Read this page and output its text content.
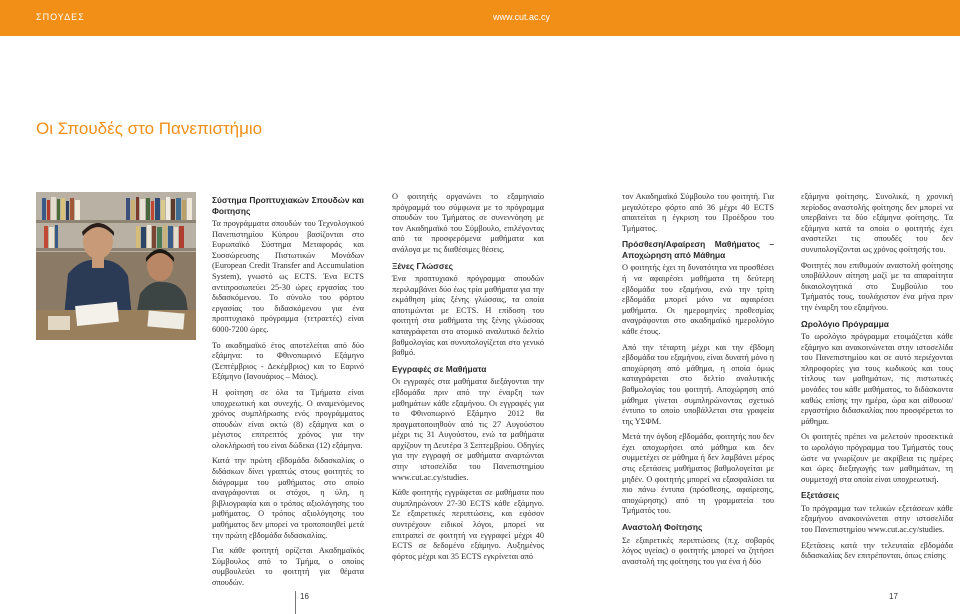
ΣΠΟΥΔΕΣ	www.cut.ac.cy
Οι Σπουδές στο Πανεπιστήμιο
Σύστημα Προπτυχιακών Σπουδών και Φοιτησης

Τα προγράμματα σπουδών του Τεχνολογικού Πανεπιστημίου Κύπρου βασίζονται στο Ευρωπαϊκό Σύστημα Μεταφοράς και Συσσώρευσης Πιστωτικών Μονάδων (European Credit Transfer and Accumulation System), γνωστό ως ECTS. Ένα ECTS αντιπροσωπεύει 25-30 ώρες εργασίας του διδασκόμενου. Το σύνολο του φόρτου εργασίας του διδασκόμενου για ένα προπτυχιακό πρόγραμμα (τετραετές) είναι 6000-7200 ώρες.

Το ακαδημαϊκό έτος αποτελείται από δύο εξάμηνα: το Φθινοπωρινό Εξάμηνο (Σεπτέμβριος - Δεκέμβριος) και το Εαρινό Εξάμηνο (Ιανουάριος – Μάιος).

Η φοίτηση σε όλα τα Τμήματα είναι υποχρεωτική και συνεχής. Ο αναμενόμενος χρόνος συμπλήρωσης ενός προγράμματος σπουδών είναι οκτώ (8) εξάμηνα και ο μέγιστος επιτρεπτός χρόνος για την ολοκλήρωσή του είναι δώδεκα (12) εξάμηνα.

Κατά την πρώτη εβδομάδα διδασκαλίας ο διδάσκων δίνει γραπτώς στους φοιτητές το διάγραμμα του μαθήματος στο οποίο αναγράφονται οι στόχοι, η ύλη, η βιβλιογραφία και ο τρόπος αξιολόγησης του μαθήματος. Ο τρόπος αξιολόγησης του μαθήματος δεν μπορεί να τροποποιηθεί μετά την πρώτη εβδομάδα διδασκαλίας.

Για κάθε φοιτητή ορίζεται Ακαδημαϊκός Σύμβουλος από το Τμήμα, ο οποίος συμβουλεύει το φοιτητή για θέματα σπουδών.

Ο φοιτητής οργανώνει το εξαμηνιαίο πρόγραμμά του σύμφωνα με το πρόγραμμα σπουδών του Τμήματος σε συνεννόηση με τον Ακαδημαϊκό του Σύμβουλο, επιλέγοντας από τα προσφερόμενα μαθήματα και ανάλογα με τις διαθέσιμες θέσεις.

Ξένες Γλώσσες

Ένα προπτυχιακό πρόγραμμα σπουδών περιλαμβάνει δύο έως τρία μαθήματα για την εκμάθηση μίας ξένης γλώσσας, τα οποία αποτιμώνται με ECTS. Η επίδοση του φοιτητή στα μαθήματα της ξένης γλώσσας καταγράφεται στο ατομικό αναλυτικό δελτίο βαθμολογίας και συνυπολογίζεται στο γενικό βαθμό.

Εγγραφές σε Μαθήματα

Οι εγγραφές στα μαθήματα διεξάγονται την εβδομάδα πριν από την έναρξη των μαθημάτων κάθε εξαμήνου. Οι εγγραφές για το Φθινοπωρινό Εξάμηνο 2012 θα πραγματοποιηθούν από τις 27 Αυγούστου μέχρι τις 31 Αυγούστου, ενώ τα μαθήματα αρχίζουν τη Δευτέρα 3 Σεπτεμβρίου. Οδηγίες για την εγγραφή σε μαθήματα αναρτώνται στην ιστοσελίδα του Πανεπιστημίου www.cut.ac.cy/studies.

Κάθε φοιτητής εγγράφεται σε μαθήματα που συμπληρώνουν 27-30 ECTS κάθε εξάμηνο. Σε εξαιρετικές περιπτώσεις, και εφόσον συντρέχουν ειδικοί λόγοι, μπορεί να επιτραπεί σε φοιτητή να εγγραφεί μέχρι 40 ECTS σε δεδομένο εξάμηνο. Αυξημένος φόρτος μέχρι και 35 ECTS εγκρίνεται από

τον Ακαδημαϊκό Σύμβουλο του φοιτητή. Για μεγαλύτερο φόρτο από 36 μέχρι 40 ECTS απαιτείται η έγκριση του Προέδρου του Τμήματος.

Πρόσθεση/Αφαίρεση Μαθήματος – Αποχώρηση από Μάθημα

Ο φοιτητής έχει τη δυνατότητα να προσθέσει ή να αφαιρέσει μαθήματα τη δεύτερη εβδομάδα του εξαμήνου, ενώ την τρίτη εβδομάδα μπορεί μόνο να αφαιρέσει μαθήματα. Οι ημερομηνίες προθεσμίας αναγράφονται στο ακαδημαϊκό ημερολόγιο κάθε έτους.

Από την τέταρτη μέχρι και την έβδομη εβδομάδα του εξαμήνου, είναι δυνατή μόνο η αποχώρηση από μάθημα, η οποία όμως καταγράφεται στο δελτίο αναλυτικής βαθμολογίας του φοιτητή. Αποχώρηση από μάθημα γίνεται συμπληρώνοντας σχετικό έντυπο το οποίο υποβάλλεται στα γραφεία της ΥΣΦΜ.

Μετά την όγδοη εβδομάδα, φοιτητής που δεν έχει αποχωρήσει από μάθημα και δεν συμμετέχει σε μάθημα ή δεν λαμβάνει μέρος στις εξετάσεις μαθήματος βαθμολογείται με μηδέν. Ο φοιτητής μπορεί να εξασφαλίσει τα πιο πάνω έντυπα (πρόσθεσης, αφαίρεσης, αποχώρησης) από τη γραμματεία του Τμήματός του.

Αναστολή Φοίτησης

Σε εξαιρετικές περιπτώσεις (π.χ. σοβαρός λόγος υγείας) ο φοιτητής μπορεί να ζητήσει αναστολή της φοίτησης του για ένα ή δύο

εξάμηνα φοίτησης. Συνολικά, η χρονική περίοδος αναστολής φοίτησης δεν μπορεί να υπερβαίνει τα δύο εξάμηνα φοίτησης. Τα εξάμηνα κατά τα οποία ο φοιτητής έχει αναστείλει τις σπουδές του δεν συνυπολογίζονται ως χρόνος φοίτησής του.

Φοιτητές που επιθυμούν αναστολή φοίτησης υποβάλλουν αίτηση μαζί με τα απαραίτητα δικαιολογητικά στο Συμβούλιο του Τμήματός τους, τουλάχιστον ένα μήνα πριν την έναρξη του εξαμήνου.

Ωρολόγιο Πρόγραμμα

Το ωρολόγιο πρόγραμμα ετοιμάζεται κάθε εξάμηνο και ανακοινώνεται στην ιστοσελίδα του Πανεπιστημίου και σε αυτό περιέχονται πληροφορίες για τους κωδικούς και τους τίτλους των μαθημάτων, τις πιστωτικές μονάδες του κάθε μαθήματος, το διδάσκοντα καθώς επίσης την ημέρα, ώρα και αίθουσα/εργαστήριο διδασκαλίας που προσφέρεται το μάθημα.

Οι φοιτητές πρέπει να μελετούν προσεκτικά το ωρολόγιο πρόγραμμα του Τμήματός τους ώστε να γνωρίζουν με ακρίβεια τις ημέρες και ώρες διεξαγωγής των μαθημάτων, τη συμμετοχή στα οποία είναι υποχρεωτική.

Εξετάσεις

Το πρόγραμμα των τελικών εξετάσεων κάθε εξαμήνου ανακοινώνεται στην ιστοσελίδα του Πανεπιστημίου www.cut.ac.cy/studies.

Εξετάσεις κατά την τελευταία εβδομάδα διδασκαλίας δεν επιτρέπονται, όπως επίσης

16	17
